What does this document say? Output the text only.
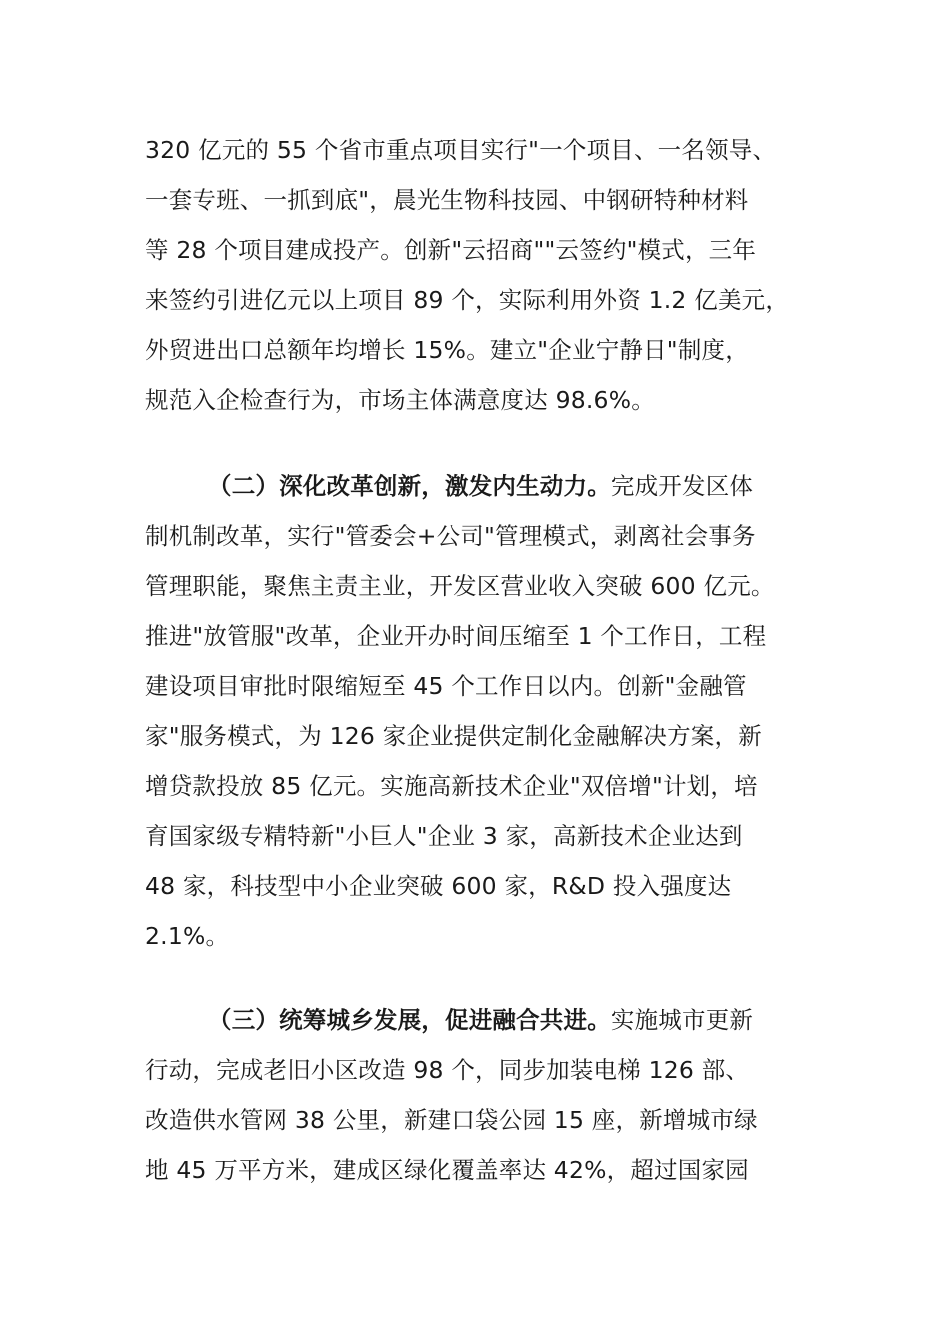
320 亿元的 55 个省市重点项目实行"一个项目、一名领导、
一套专班、一抓到底"，晨光生物科技园、中钢研特种材料
等 28 个项目建成投产。创新"云招商""云签约"模式，三年
来签约引进亿元以上项目 89 个，实际利用外资 1.2 亿美元，
外贸进出口总额年均增长 15%。建立"企业宁静日"制度，
规范入企检查行为，市场主体满意度达 98.6%。
（二）深化改革创新，激发内生动力。完成开发区体
制机制改革，实行"管委会+公司"管理模式，剥离社会事务
管理职能，聚焦主责主业，开发区营业收入突破 600 亿元。
推进"放管服"改革，企业开办时间压缩至 1 个工作日，工程
建设项目审批时限缩短至 45 个工作日以内。创新"金融管
家"服务模式，为 126 家企业提供定制化金融解决方案，新
增贷款投放 85 亿元。实施高新技术企业"双倍增"计划，培
育国家级专精特新"小巨人"企业 3 家，高新技术企业达到
48 家，科技型中小企业突破 600 家，R&D 投入强度达
2.1%。
（三）统筹城乡发展，促进融合共进。实施城市更新
行动，完成老旧小区改造 98 个，同步加装电梯 126 部、
改造供水管网 38 公里，新建口袋公园 15 座，新增城市绿
地 45 万平方米，建成区绿化覆盖率达 42%，超过国家园
